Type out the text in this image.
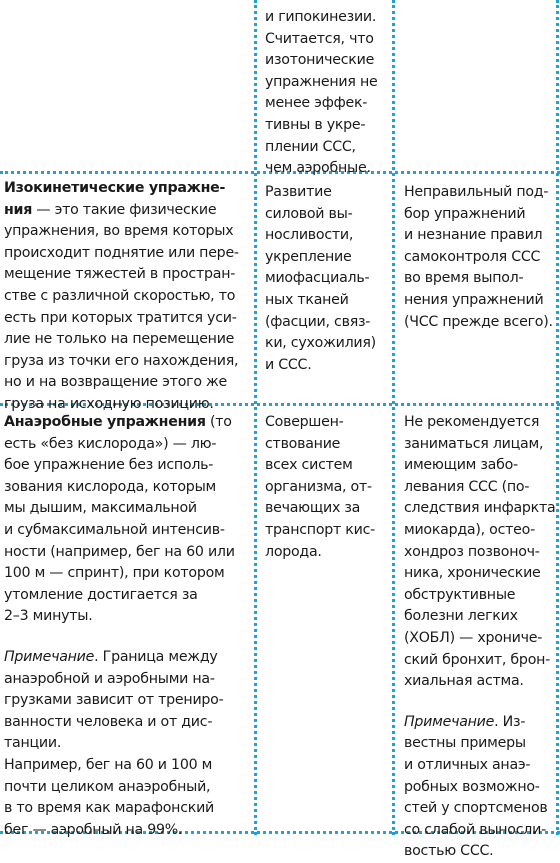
и гипокинезии.
Считается, что
изотонические
упражнения не
менее эффек-
тивны в укре-
плении ССС,
чем аэробные.

Изокинетические упражне-
ния — это такие физические
упражнения, во время которых
происходит поднятие или пере-
мещение тяжестей в простран-
стве с различной скоростью, то
есть при которых тратится уси-
лие не только на перемещение
груза из точки его нахождения,
но и на возвращение этого же
груза на исходную позицию.

Развитие
силовой вы-
носливости,
укрепление
миофасциаль-
ных тканей
(фасции, связ-
ки, сухожилия)
и ССС.

Неправильный под-
бор упражнений
и незнание правил
самоконтроля ССС
во время выпол-
нения упражнений
(ЧСС прежде всего).

Анаэробные упражнения (то
есть «без кислорода») — лю-
бое упражнение без исполь-
зования кислорода, которым
мы дышим, максимальной
и субмаксимальной интенсив-
ности (например, бег на 60 или
100 м — спринт), при котором
утомление достигается за
2–3 минуты.

Примечание. Граница между
анаэробной и аэробными на-
грузками зависит от трениро-
ванности человека и от дис-
танции.
Например, бег на 60 и 100 м
почти целиком анаэробный,
в то время как марафонский
бег — аэробный на 99%.

Совершен-
ствование
всех систем
организма, от-
вечающих за
транспорт кис-
лорода.

Не рекомендуется
заниматься лицам,
имеющим забо-
левания ССС (по-
следствия инфаркта
миокарда), остео-
хондроз позвоноч-
ника, хронические
обструктивные
болезни легких
(ХОБЛ) — хрониче-
ский бронхит, брон-
хиальная астма.

Примечание. Из-
вестны примеры
и отличных анаэ-
робных возможно-
стей у спортсменов
со слабой выносли-
востью ССС.
